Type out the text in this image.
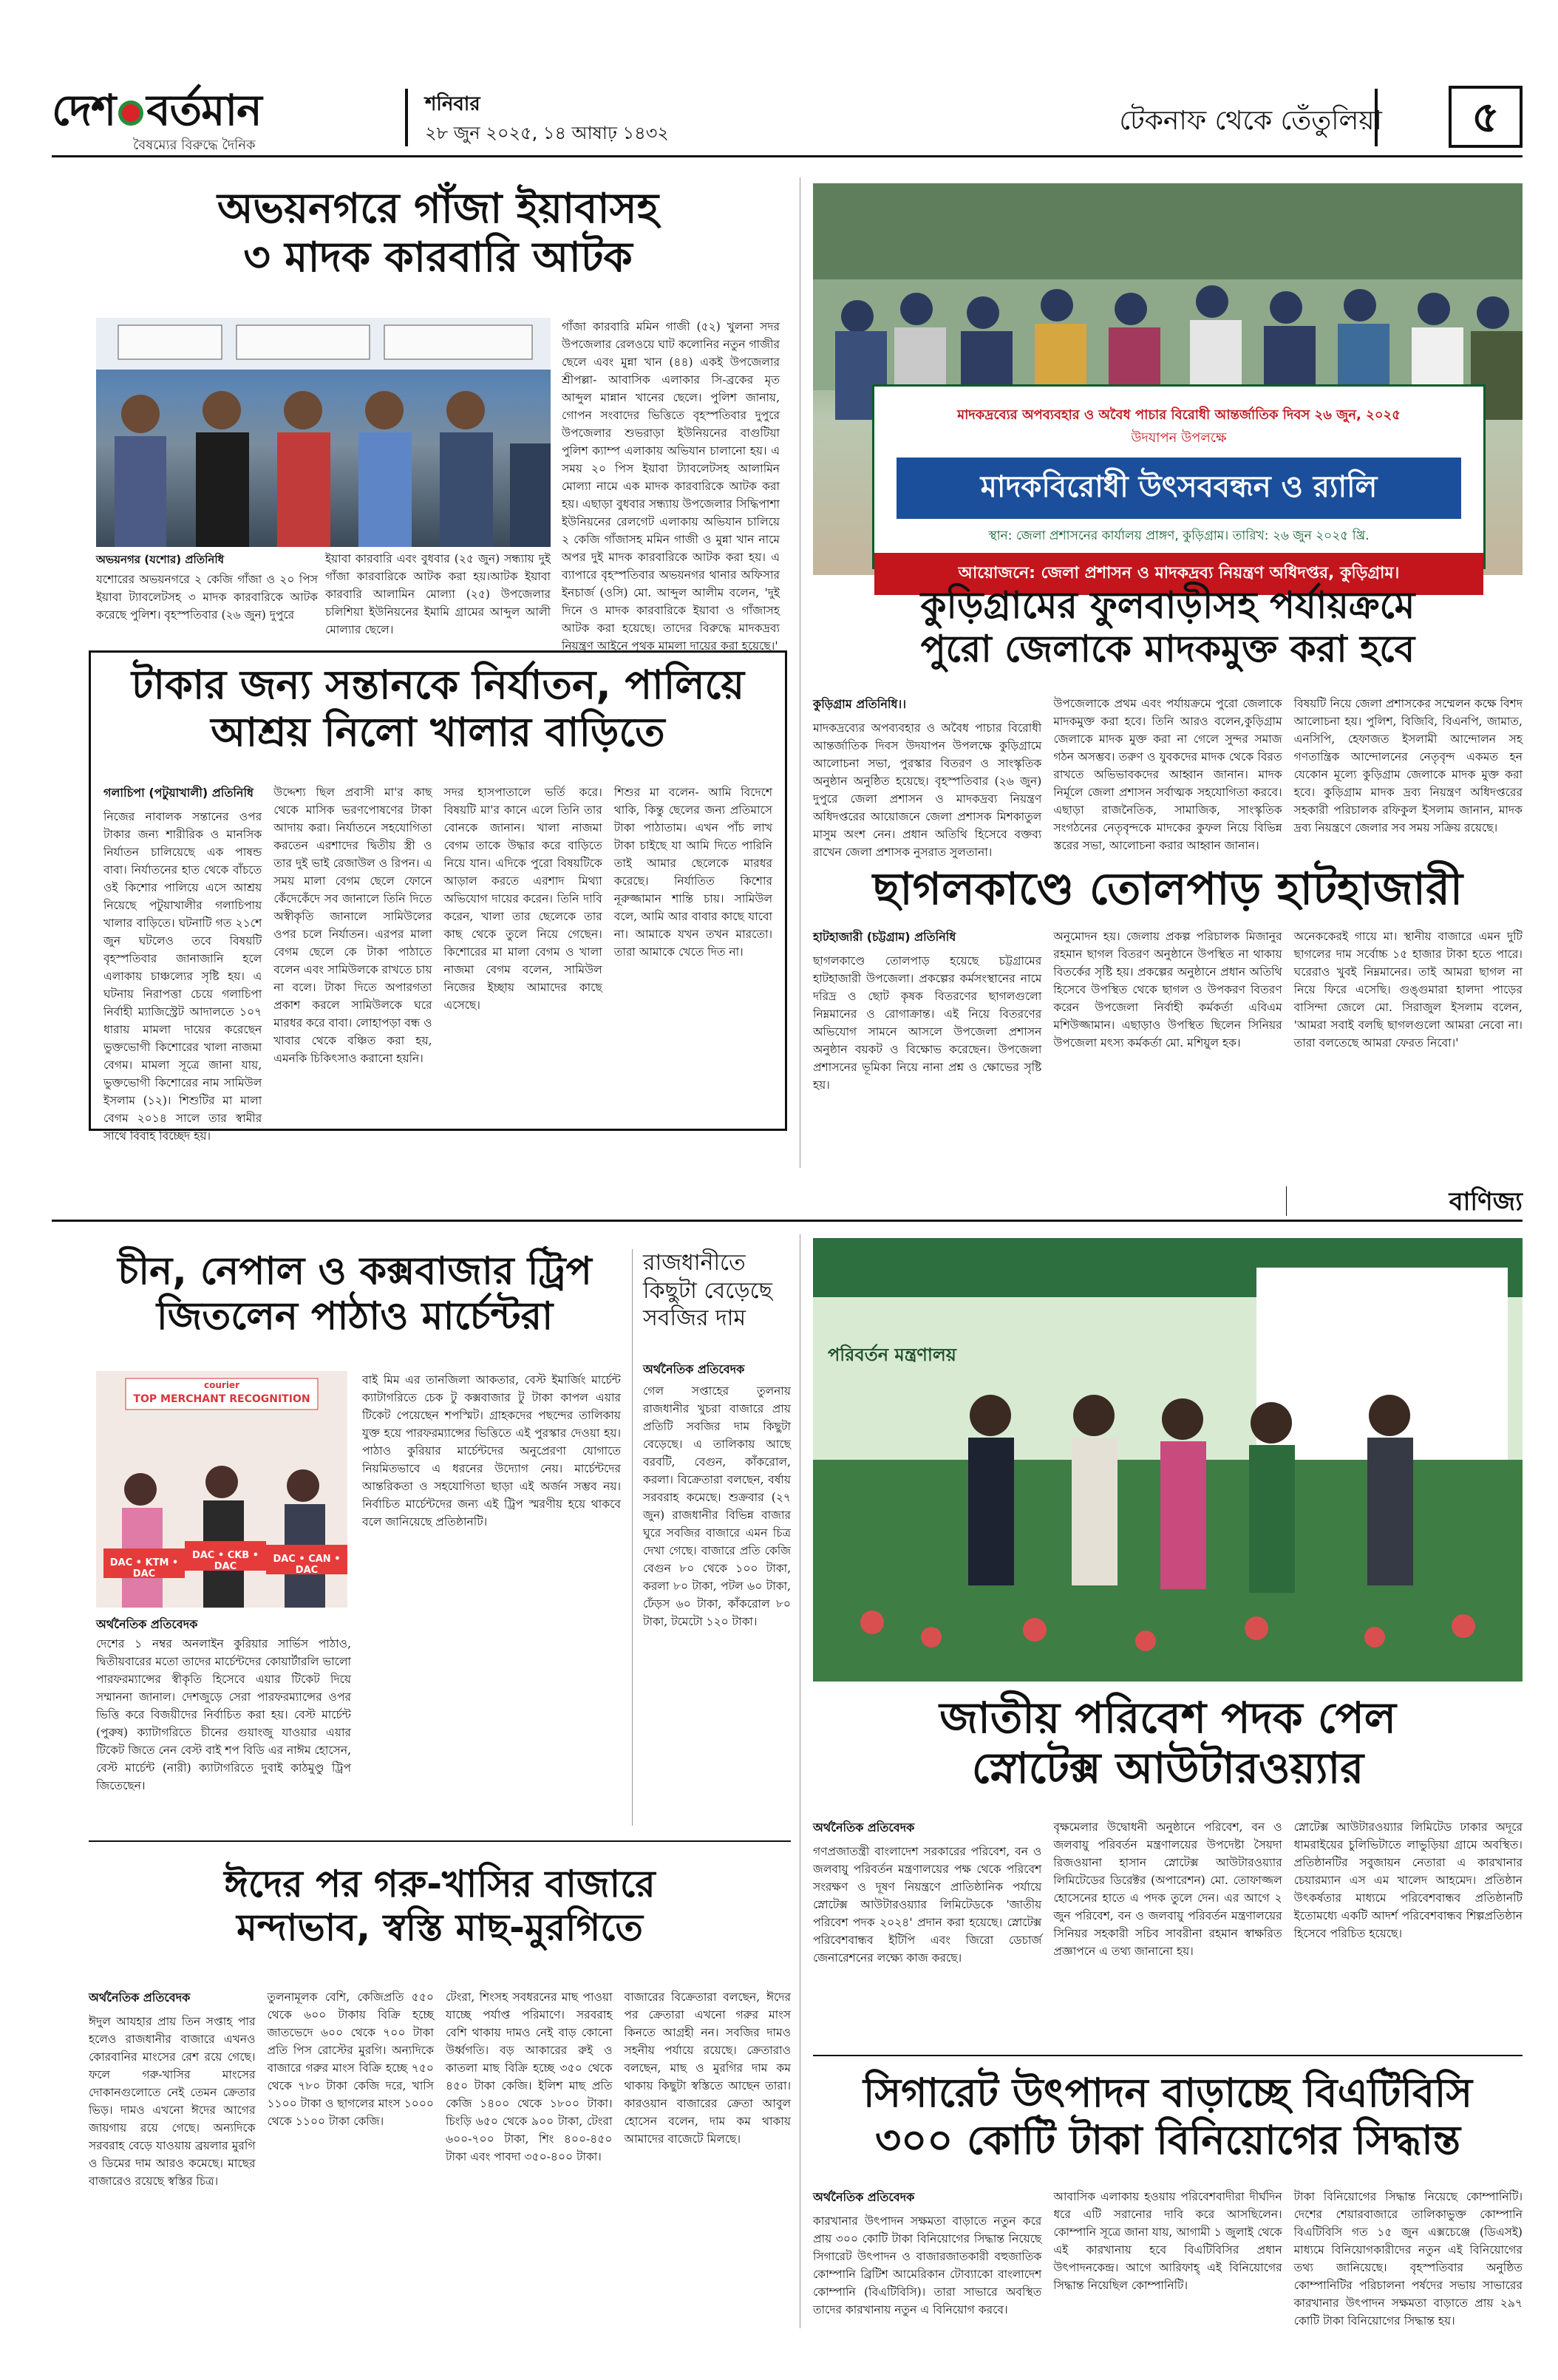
দেশ বর্তমান
বৈষম্যের বিরুদ্ধে দৈনিক
শনিবার
২৮ জুন ২০২৫, ১৪ আষাঢ় ১৪৩২	টেকনাফ থেকে তেঁতুলিয়া	৫
অভয়নগরে গাঁজা ইয়াবাসহ
৩ মাদক কারবারি আটক
অভয়নগর (যশোর) প্রতিনিধি
যশোরের অভয়নগরে ২ কেজি গাঁজা ও ২০ পিস ইয়াবা ট্যাবলেটসহ ৩ মাদক কারবারিকে আটক করেছে পুলিশ। বৃহস্পতিবার (২৬ জুন) দুপুরে
ইয়াবা কারবারি এবং বুধবার (২৫ জুন) সন্ধ্যায় দুই গাঁজা কারবারিকে আটক করা হয়।আটক ইয়াবা কারবারি আলামিন মোল্যা (২৫) উপজেলার চলিশিয়া ইউনিয়নের ইমামি গ্রামের আব্দুল আলী মোল্যার ছেলে।
গাঁজা কারবারি মমিন গাজী (৫২) খুলনা সদর উপজেলার রেলওয়ে ঘাট কলোনির নতুন গাজীর ছেলে এবং মুন্না খান (৪৪) একই উপজেলার শ্রীপল্লা- আবাসিক এলাকার সি-ব্রকের মৃত আব্দুল মান্নান খানের ছেলে। পুলিশ জানায়, গোপন সংবাদের ভিত্তিতে বৃহস্পতিবার দুপুরে উপজেলার শুভরাড়া ইউনিয়নের বাগুটিয়া পুলিশ ক্যাম্প এলাকায় অভিযান চালানো হয়। এ সময় ২০ পিস ইয়াবা ট্যাবলেটসহ আলামিন মোল্যা নামে এক মাদক কারবারিকে আটক করা হয়। এছাড়া বুধবার সন্ধ্যায় উপজেলার সিদ্ধিপাশা ইউনিয়নের রেলগেট এলাকায় অভিযান চালিয়ে ২ কেজি গাঁজাসহ মমিন গাজী ও মুন্না খান নামে অপর দুই মাদক কারবারিকে আটক করা হয়। এ ব্যাপারে বৃহস্পতিবার অভয়নগর থানার অফিসার ইনচার্জ (ওসি) মো. আব্দুল আলীম বলেন, 'দুই দিনে ও মাদক কারবারিকে ইয়াবা ও গাঁজাসহ আটক করা হয়েছে। তাদের বিরুদ্ধে মাদকদ্রব্য নিয়ন্ত্রণ আইনে পৃথক মামলা দায়ের করা হয়েছে।'
টাকার জন্য সন্তানকে নির্যাতন, পালিয়ে
আশ্রয় নিলো খালার বাড়িতে
গলাচিপা (পটুয়াখালী) প্রতিনিধি
নিজের নাবালক সন্তানের ওপর টাকার জন্য শারীরিক ও মানসিক নির্যাতন চালিয়েছে এক পাষন্ড বাবা। নির্যাতনের হাত থেকে বাঁচতে ওই কিশোর পালিয়ে এসে আশ্রয় নিয়েছে পটুয়াখালীর গলাচিপায় খালার বাড়িতে। ঘটনাটি গত ২১শে জুন ঘটলেও তবে বিষয়টি বৃহস্পতিবার জানাজানি হলে এলাকায় চাঞ্চল্যের সৃষ্টি হয়। এ ঘটনায় নিরাপত্তা চেয়ে গলাচিপা নির্বাহী ম্যাজিস্ট্রেট আদালতে ১০৭ ধারায় মামলা দায়ের করেছেন ভুক্তভোগী কিশোরের খালা নাজমা বেগম। মামলা সূত্রে জানা যায়, ভুক্তভোগী কিশোরের নাম সামিউল ইসলাম (১২)। শিশুটির মা মালা বেগম ২০১৪ সালে তার স্বামীর সাথে বিবাহ বিচ্ছেদ হয়।
উদ্দেশ্য ছিল প্রবাসী মা'র কাছ থেকে মাসিক ভরণপোষণের টাকা আদায় করা। নির্যাতনে সহযোগিতা করতেন এরশাদের দ্বিতীয় স্ত্রী ও তার দুই ভাই রেজাউল ও রিপন। এ সময় মালা বেগম ছেলে ফোনে কেঁদেকেঁদে সব জানালে তিনি দিতে অস্বীকৃতি জানালে সামিউলের ওপর চলে নির্যাতন। এরপর মালা বেগম ছেলে কে টাকা পাঠাতে বলেন এবং সামিউলকে রাখতে চায় না বলে। টাকা দিতে অপারগতা প্রকাশ করলে সামিউলকে ঘরে মারধর করে বাবা। লোহাপড়া বন্ধ ও খাবার থেকে বঞ্চিত করা হয়, এমনকি চিকিৎসাও করানো হয়নি।
সদর হাসপাতালে ভর্তি করে। বিষয়টি মা'র কানে এলে তিনি তার বোনকে জানান। খালা নাজমা বেগম তাকে উদ্ধার করে বাড়িতে নিয়ে যান। এদিকে পুরো বিষয়টিকে আড়াল করতে এরশাদ মিথ্যা অভিযোগ দায়ের করেন। তিনি দাবি করেন, খালা তার ছেলেকে তার কাছ থেকে তুলে নিয়ে গেছেন। কিশোরের মা মালা বেগম ও খালা নাজমা বেগম বলেন, সামিউল নিজের ইচ্ছায় আমাদের কাছে এসেছে।
শিশুর মা বলেন- আমি বিদেশে থাকি, কিন্তু ছেলের জন্য প্রতিমাসে টাকা পাঠাতাম। এখন পাঁচ লাখ টাকা চাইছে যা আমি দিতে পারিনি তাই আমার ছেলেকে মারধর করেছে। নির্যাতিত কিশোর নূরুজ্জামান শান্তি চায়। সামিউল বলে, আমি আর বাবার কাছে যাবো না। আমাকে যখন তখন মারতো। তারা আমাকে খেতে দিত না।
মাদকদ্রব্যের অপব্যবহার ও অবৈধ পাচার বিরোধী আন্তর্জাতিক দিবস ২৬ জুন, ২০২৫
উদযাপন উপলক্ষে
মাদকবিরোধী উৎসববন্ধন ও র‍্যালি
স্থান: জেলা প্রশাসনের কার্যালয় প্রাঙ্গণ, কুড়িগ্রাম। তারিখ: ২৬ জুন ২০২৫ খ্রি.
আয়োজনে: জেলা প্রশাসন ও মাদকদ্রব্য নিয়ন্ত্রণ অধিদপ্তর, কুড়িগ্রাম।
কুড়িগ্রামের ফুলবাড়ীসহ পর্যায়ক্রমে
পুরো জেলাকে মাদকমুক্ত করা হবে
কুড়িগ্রাম প্রতিনিধি।।
মাদকদ্রব্যের অপব্যবহার ও অবৈধ পাচার বিরোধী আন্তর্জাতিক দিবস উদযাপন উপলক্ষে কুড়িগ্রামে আলোচনা সভা, পুরস্কার বিতরণ ও সাংস্কৃতিক অনুষ্ঠান অনুষ্ঠিত হয়েছে। বৃহস্পতিবার (২৬ জুন) দুপুরে জেলা প্রশাসন ও মাদকদ্রব্য নিয়ন্ত্রণ অধিদপ্তরের আয়োজনে জেলা প্রশাসক মিশকাতুল মাসুম অংশ নেন। প্রধান অতিথি হিসেবে বক্তব্য রাখেন জেলা প্রশাসক নুসরাত সুলতানা।
উপজেলাকে প্রথম এবং পর্যায়ক্রমে পুরো জেলাকে মাদকমুক্ত করা হবে। তিনি আরও বলেন,কুড়িগ্রাম জেলাকে মাদক মুক্ত করা না গেলে সুন্দর সমাজ গঠন অসম্ভব। তরুণ ও যুবকদের মাদক থেকে বিরত রাখতে অভিভাবকদের আহ্বান জানান। মাদক নির্মূলে জেলা প্রশাসন সর্বাত্মক সহযোগিতা করবে। এছাড়া রাজনৈতিক, সামাজিক, সাংস্কৃতিক সংগঠনের নেতৃবৃন্দকে মাদকের কুফল নিয়ে বিভিন্ন স্তরের সভা, আলোচনা করার আহ্বান জানান।
বিষয়টি নিয়ে জেলা প্রশাসকের সম্মেলন কক্ষে বিশদ আলোচনা হয়। পুলিশ, বিজিবি, বিএনপি, জামাত, এনসিপি, হেফাজত ইসলামী আন্দোলন সহ গণতান্ত্রিক আন্দোলনের নেতৃবৃন্দ একমত হন যেকোন মূল্যে কুড়িগ্রাম জেলাকে মাদক মুক্ত করা হবে। কুড়িগ্রাম মাদক দ্রব্য নিয়ন্ত্রণ অধিদপ্তরের সহকারী পরিচালক রফিকুল ইসলাম জানান, মাদক দ্রব্য নিয়ন্ত্রণে জেলার সব সময় সক্রিয় রয়েছে।
ছাগলকাণ্ডে তোলপাড় হাটহাজারী
হাটহাজারী (চট্টগ্রাম) প্রতিনিধি
ছাগলকাণ্ডে তোলপাড় হয়েছে চট্টগ্রামের হাটহাজারী উপজেলা। প্রকল্পের কর্মসংস্থানের নামে দরিদ্র ও ছোট কৃষক বিতরণের ছাগলগুলো নিম্নমানের ও রোগাক্রান্ত। এই নিয়ে বিতরণের অভিযোগ সামনে আসলে উপজেলা প্রশাসন অনুষ্ঠান বয়কট ও বিক্ষোভ করেছেন। উপজেলা প্রশাসনের ভূমিকা নিয়ে নানা প্রশ্ন ও ক্ষোভের সৃষ্টি হয়।
অনুমোদন হয়। জেলায় প্রকল্প পরিচালক মিজানুর রহমান ছাগল বিতরণ অনুষ্ঠানে উপস্থিত না থাকায় বিতর্কের সৃষ্টি হয়। প্রকল্পের অনুষ্ঠানে প্রধান অতিথি হিসেবে উপস্থিত থেকে ছাগল ও উপকরণ বিতরণ করেন উপজেলা নির্বাহী কর্মকর্তা এবিএম মশিউজ্জামান। এছাড়াও উপস্থিত ছিলেন সিনিয়র উপজেলা মৎস্য কর্মকর্তা মো. মশিয়ুল হক।
অনেককেরই গায়ে মা। স্থানীয় বাজারে এমন দুটি ছাগলের দাম সর্বোচ্চ ১৫ হাজার টাকা হতে পারে। ঘরেরাও খুবই নিম্নমানের। তাই আমরা ছাগল না নিয়ে ফিরে এসেছি। গুঙ্গুমারা হালদা পাড়ের বাসিন্দা জেলে মো. সিরাজুল ইসলাম বলেন, 'আমরা সবাই বলছি ছাগলগুলো আমরা নেবো না। তারা বলতেছে আমরা ফেরত নিবো।'
বাণিজ্য
চীন, নেপাল ও কক্সবাজার ট্রিপ
জিতলেন পাঠাও মার্চেন্টরা
courier
TOP MERCHANT RECOGNITION
DAC • KTM • DAC
DAC • CKB • DAC
DAC • CAN • DAC
অর্থনৈতিক প্রতিবেদক
দেশের ১ নম্বর অনলাইন কুরিয়ার সার্ভিস পাঠাও, দ্বিতীয়বারের মতো তাদের মার্চেন্টদের কোয়ার্টারলি ভালো পারফরম্যান্সের স্বীকৃতি হিসেবে এয়ার টিকেট দিয়ে সম্মাননা জানাল। দেশজুড়ে সেরা পারফরম্যান্সের ওপর ভিত্তি করে বিজয়ীদের নির্বাচিত করা হয়। বেস্ট মার্চেন্ট (পুরুষ) ক্যাটাগরিতে চীনের গুয়াংজু যাওয়ার এয়ার টিকেট জিতে নেন বেস্ট বাই শপ বিডি এর নাঈম হোসেন, বেস্ট মার্চেন্ট (নারী) ক্যাটাগরিতে দুবাই কাঠমুণ্ডু ট্রিপ জিতেছেন।
বাই মিম এর তানজিলা আকতার, বেস্ট ইমার্জিং মার্চেন্ট ক্যাটাগরিতে চেক টু কক্সবাজার টু টাকা কাপল এয়ার টিকেট পেয়েছেন শপস্মিট। গ্রাহকদের পছন্দের তালিকায় যুক্ত হয়ে পারফরম্যান্সের ভিত্তিতে এই পুরস্কার দেওয়া হয়। পাঠাও কুরিয়ার মার্চেন্টদের অনুপ্রেরণা যোগাতে নিয়মিতভাবে এ ধরনের উদ্যোগ নেয়। মার্চেন্টদের আন্তরিকতা ও সহযোগিতা ছাড়া এই অর্জন সম্ভব নয়। নির্বাচিত মার্চেন্টদের জন্য এই ট্রিপ স্মরণীয় হয়ে থাকবে বলে জানিয়েছে প্রতিষ্ঠানটি।
রাজধানীতে
কিছুটা বেড়েছে
সবজির দাম
অর্থনৈতিক প্রতিবেদক
গেল সপ্তাহের তুলনায় রাজধানীর খুচরা বাজারে প্রায় প্রতিটি সবজির দাম কিছুটা বেড়েছে। এ তালিকায় আছে বরবটি, বেগুন, কাঁকরোল, করলা। বিক্রেতারা বলছেন, বর্ষায় সরবরাহ কমেছে। শুক্রবার (২৭ জুন) রাজধানীর বিভিন্ন বাজার ঘুরে সবজির বাজারে এমন চিত্র দেখা গেছে। বাজারে প্রতি কেজি বেগুন ৮০ থেকে ১০০ টাকা, করলা ৮০ টাকা, পটল ৬০ টাকা, ঢেঁড়স ৬০ টাকা, কাঁকরোল ৮০ টাকা, টমেটো ১২০ টাকা।
ঈদের পর গরু-খাসির বাজারে
মন্দাভাব, স্বস্তি মাছ-মুরগিতে
অর্থনৈতিক প্রতিবেদক
ঈদুল আযহার প্রায় তিন সপ্তাহ পার হলেও রাজধানীর বাজারে এখনও কোরবানির মাংসের রেশ রয়ে গেছে। ফলে গরু-খাসির মাংসের দোকানগুলোতে নেই তেমন ক্রেতার ভিড়। দামও এখনো ঈদের আগের জায়গায় রয়ে গেছে। অন্যদিকে সরবরাহ বেড়ে যাওয়ায় ব্রয়লার মুরগি ও ডিমের দাম আরও কমেছে। মাছের বাজারেও রয়েছে স্বস্তির চিত্র।
তুলনামূলক বেশি, কেজিপ্রতি ৫৫০ থেকে ৬০০ টাকায় বিক্রি হচ্ছে জাতভেদে ৬০০ থেকে ৭০০ টাকা প্রতি পিস রোস্টের মুরগি। অন্যদিকে বাজারে গরুর মাংস বিক্রি হচ্ছে ৭৫০ থেকে ৭৮০ টাকা কেজি দরে, খাসি ১১০০ টাকা ও ছাগলের মাংস ১০০০ থেকে ১১০০ টাকা কেজি।
টেংরা, শিংসহ সবধরনের মাছ পাওয়া যাচ্ছে পর্যাপ্ত পরিমাণে। সরবরাহ বেশি থাকায় দামও নেই বাড় কোনো উর্ধ্বগতি। বড় আকারের রুই ও কাতলা মাছ বিক্রি হচ্ছে ৩৫০ থেকে ৪৫০ টাকা কেজি। ইলিশ মাছ প্রতি কেজি ১৪০০ থেকে ১৮০০ টাকা। চিংড়ি ৬৫০ থেকে ৯০০ টাকা, টেংরা ৬০০-৭০০ টাকা, শিং ৪০০-৪৫০ টাকা এবং পাবদা ৩৫০-৪০০ টাকা।
বাজারের বিক্রেতারা বলছেন, ঈদের পর ক্রেতারা এখনো গরুর মাংস কিনতে আগ্রহী নন। সবজির দামও সহনীয় পর্যায়ে রয়েছে। ক্রেতারাও বলছেন, মাছ ও মুরগির দাম কম থাকায় কিছুটা স্বস্তিতে আছেন তারা। কারওয়ান বাজারের ক্রেতা আবুল হোসেন বলেন, দাম কম থাকায় আমাদের বাজেটে মিলছে।
পরিবর্তন মন্ত্রণালয়
জাতীয় পরিবেশ পদক পেল
স্নোটেক্স আউটারওয়্যার
অর্থনৈতিক প্রতিবেদক
গণপ্রজাতন্ত্রী বাংলাদেশ সরকারের পরিবেশ, বন ও জলবায়ু পরিবর্তন মন্ত্রণালয়ের পক্ষ থেকে পরিবেশ সংরক্ষণ ও দূষণ নিয়ন্ত্রণে প্রাতিষ্ঠানিক পর্যায়ে স্নোটেক্স আউটারওয়্যার লিমিটেডকে 'জাতীয় পরিবেশ পদক ২০২৪' প্রদান করা হয়েছে। স্নোটেক্স পরিবেশবান্ধব ইটিপি এবং জিরো ডেচার্জ জেনারেশনের লক্ষ্যে কাজ করছে।
বৃক্ষমেলার উদ্বোধনী অনুষ্ঠানে পরিবেশ, বন ও জলবায়ু পরিবর্তন মন্ত্রণালয়ের উপদেষ্টা সৈয়দা রিজওয়ানা হাসান স্নোটেক্স আউটারওয়্যার লিমিটেডের ডিরেক্টর (অপারেশন) মো. তোফাজ্জল হোসেনের হাতে এ পদক তুলে দেন। এর আগে ২ জুন পরিবেশ, বন ও জলবায়ু পরিবর্তন মন্ত্রণালয়ের সিনিয়র সহকারী সচিব সাবরীনা রহমান স্বাক্ষরিত প্রজ্ঞাপনে এ তথ্য জানানো হয়।
স্নোটেক্স আউটারওয়্যার লিমিটেড ঢাকার অদূরে ধামরাইয়ের চুলিভিটাতে লাভুড়িয়া গ্রামে অবস্থিত। প্রতিষ্ঠানটির সবুজায়ন নেতারা এ কারখানার চেয়ারম্যান এস এম খালেদ আহমেদ। প্রতিষ্ঠান উৎকর্ষতার মাধ্যমে পরিবেশবান্ধব প্রতিষ্ঠানটি ইতোমধ্যে একটি আদর্শ পরিবেশবান্ধব শিল্পপ্রতিষ্ঠান হিসেবে পরিচিত হয়েছে।
সিগারেট উৎপাদন বাড়াচ্ছে বিএটিবিসি
৩০০ কোটি টাকা বিনিয়োগের সিদ্ধান্ত
অর্থনৈতিক প্রতিবেদক
কারখানার উৎপাদন সক্ষমতা বাড়াতে নতুন করে প্রায় ৩০০ কোটি টাকা বিনিয়োগের সিদ্ধান্ত নিয়েছে সিগারেট উৎপাদন ও বাজারজাতকারী বহুজাতিক কোম্পানি ব্রিটিশ আমেরিকান টোব্যাকো বাংলাদেশ কোম্পানি (বিএটিবিসি)। তারা সাভারে অবস্থিত তাদের কারখানায় নতুন এ বিনিয়োগ করবে।
আবাসিক এলাকায় হওয়ায় পরিবেশবাদীরা দীর্ঘদিন ধরে এটি সরানোর দাবি করে আসছিলেন। কোম্পানি সূত্রে জানা যায়, আগামী ১ জুলাই থেকে এই কারখানায় হবে বিএটিবিসির প্রধান উৎপাদনকেন্দ্র। আগে আরিফাহ্ এই বিনিয়োগের সিদ্ধান্ত নিয়েছিল কোম্পানিটি।
টাকা বিনিয়োগের সিদ্ধান্ত নিয়েছে কোম্পানিটি। দেশের শেয়ারবাজারে তালিকাভুক্ত কোম্পানি বিএটিবিসি গত ১৫ জুন এক্সচেঞ্জে (ডিএসই) মাধ্যমে বিনিয়োগকারীদের নতুন এই বিনিয়োগের তথ্য জানিয়েছে। বৃহস্পতিবার অনুষ্ঠিত কোম্পানিটির পরিচালনা পর্ষদের সভায় সাভারের কারখানার উৎপাদন সক্ষমতা বাড়াতে প্রায় ২৯৭ কোটি টাকা বিনিয়োগের সিদ্ধান্ত হয়।
